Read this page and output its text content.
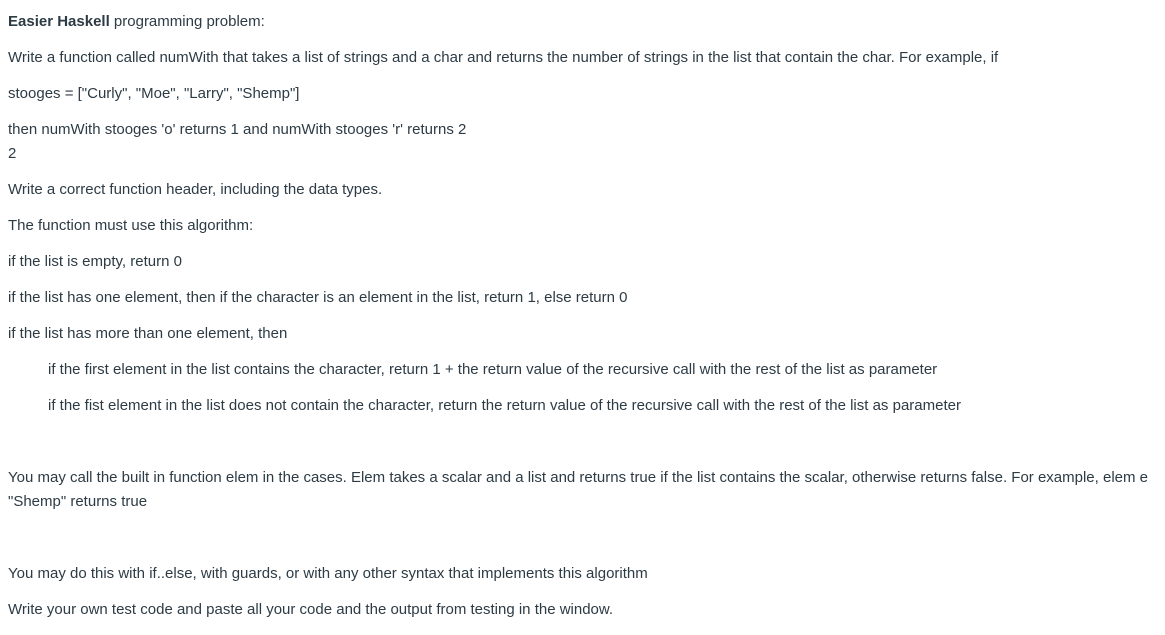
Easier Haskell programming problem:
Write a function called numWith that takes a list of strings and a char and returns the number of strings in the list that contain the char. For example, if
stooges = ["Curly", "Moe", "Larry", "Shemp"]
then numWith stooges 'o' returns 1 and numWith stooges 'r' returns 2
2
Write a correct function header, including the data types.
The function must use this algorithm:
if the list is empty, return 0
if the list has one element, then if the character is an element in the list, return 1, else return 0
if the list has more than one element, then
if the first element in the list contains the character, return 1 + the return value of the recursive call with the rest of the list as parameter
if the fist element in the list does not contain the character, return the return value of the recursive call with the rest of the list as parameter
You may call the built in function elem in the cases. Elem takes a scalar and a list and returns true if the list contains the scalar, otherwise returns false. For example, elem e "Shemp" returns true
You may do this with if..else, with guards, or with any other syntax that implements this algorithm
Write your own test code and paste all your code and the output from testing in the window.
